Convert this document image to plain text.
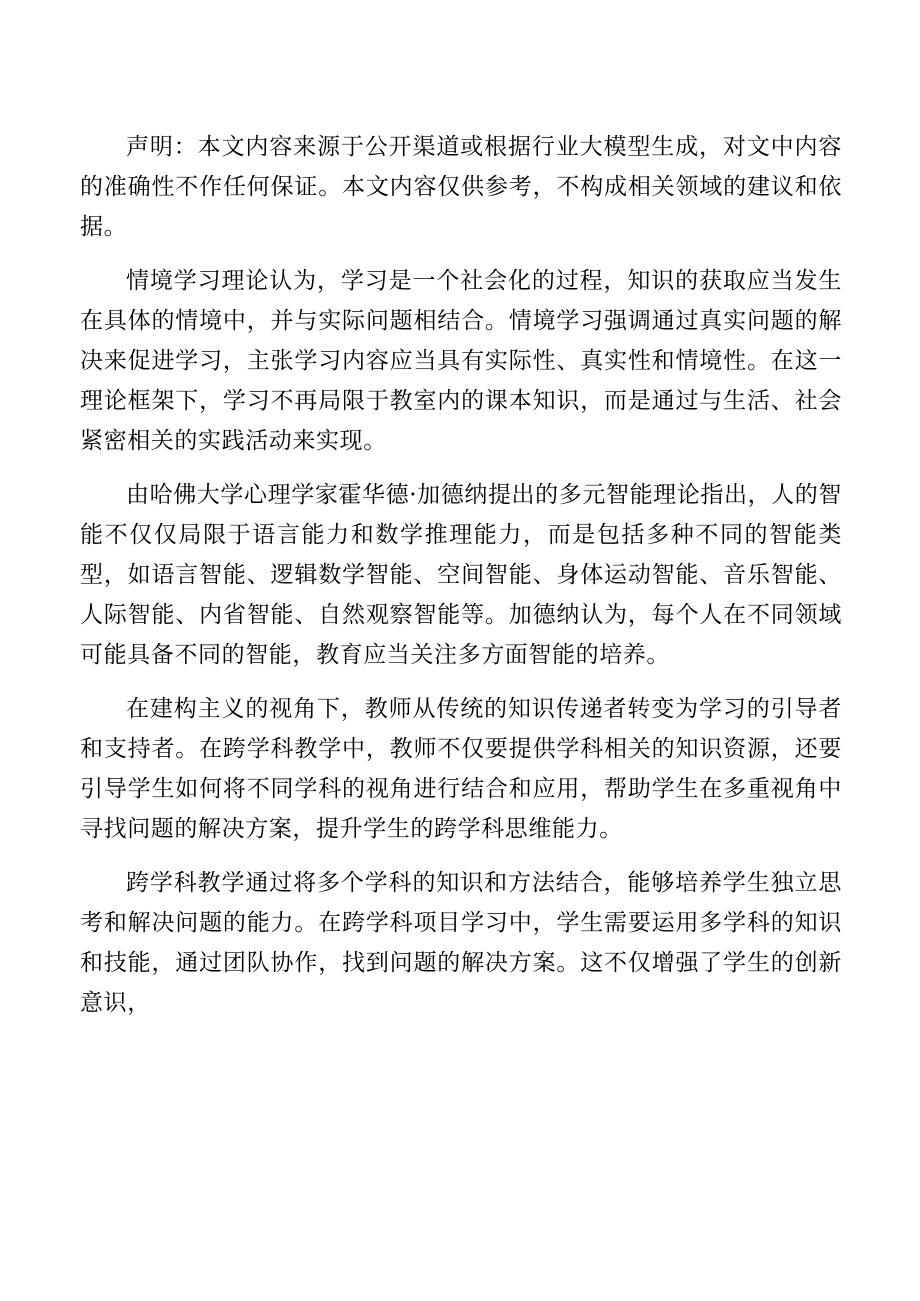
声明：本文内容来源于公开渠道或根据行业大模型生成，对文中内容的准确性不作任何保证。本文内容仅供参考，不构成相关领域的建议和依据。

情境学习理论认为，学习是一个社会化的过程，知识的获取应当发生在具体的情境中，并与实际问题相结合。情境学习强调通过真实问题的解决来促进学习，主张学习内容应当具有实际性、真实性和情境性。在这一理论框架下，学习不再局限于教室内的课本知识，而是通过与生活、社会紧密相关的实践活动来实现。

由哈佛大学心理学家霍华德·加德纳提出的多元智能理论指出，人的智能不仅仅局限于语言能力和数学推理能力，而是包括多种不同的智能类型，如语言智能、逻辑数学智能、空间智能、身体运动智能、音乐智能、人际智能、内省智能、自然观察智能等。加德纳认为，每个人在不同领域可能具备不同的智能，教育应当关注多方面智能的培养。

在建构主义的视角下，教师从传统的知识传递者转变为学习的引导者和支持者。在跨学科教学中，教师不仅要提供学科相关的知识资源，还要引导学生如何将不同学科的视角进行结合和应用，帮助学生在多重视角中寻找问题的解决方案，提升学生的跨学科思维能力。

跨学科教学通过将多个学科的知识和方法结合，能够培养学生独立思考和解决问题的能力。在跨学科项目学习中，学生需要运用多学科的知识和技能，通过团队协作，找到问题的解决方案。这不仅增强了学生的创新意识，
